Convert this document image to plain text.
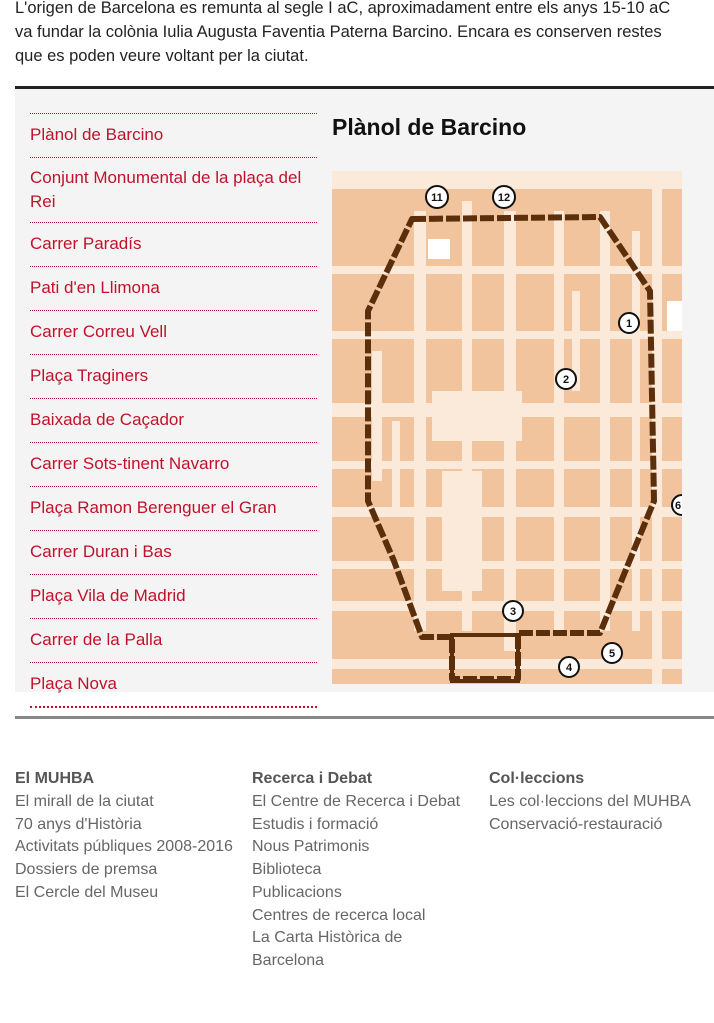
L'origen de Barcelona es remunta al segle I aC, aproximadament entre els anys 15-10 aC
va fundar la colònia Iulia Augusta Faventia Paterna Barcino. Encara es conserven restes
que es poden veure voltant per la ciutat.
Plànol de Barcino
Conjunt Monumental de la plaça del Rei
Carrer Paradís
Pati d'en Llimona
Carrer Correu Vell
Plaça Traginers
Baixada de Caçador
Carrer Sots-tinent Navarro
Plaça Ramon Berenguer el Gran
Carrer Duran i Bas
Plaça Vila de Madrid
Carrer de la Palla
Plaça Nova
Plànol de Barcino
11	12
1
2
3
4
5
6
El MUHBA
El mirall de la ciutat
70 anys d'Història
Activitats públiques 2008-2016
Dossiers de premsa
El Cercle del Museu
Recerca i Debat
El Centre de Recerca i Debat
Estudis i formació
Nous Patrimonis
Biblioteca
Publicacions
Centres de recerca local
La Carta Històrica de Barcelona
Col·leccions
Les col·leccions del MUHBA
Conservació-restauració
